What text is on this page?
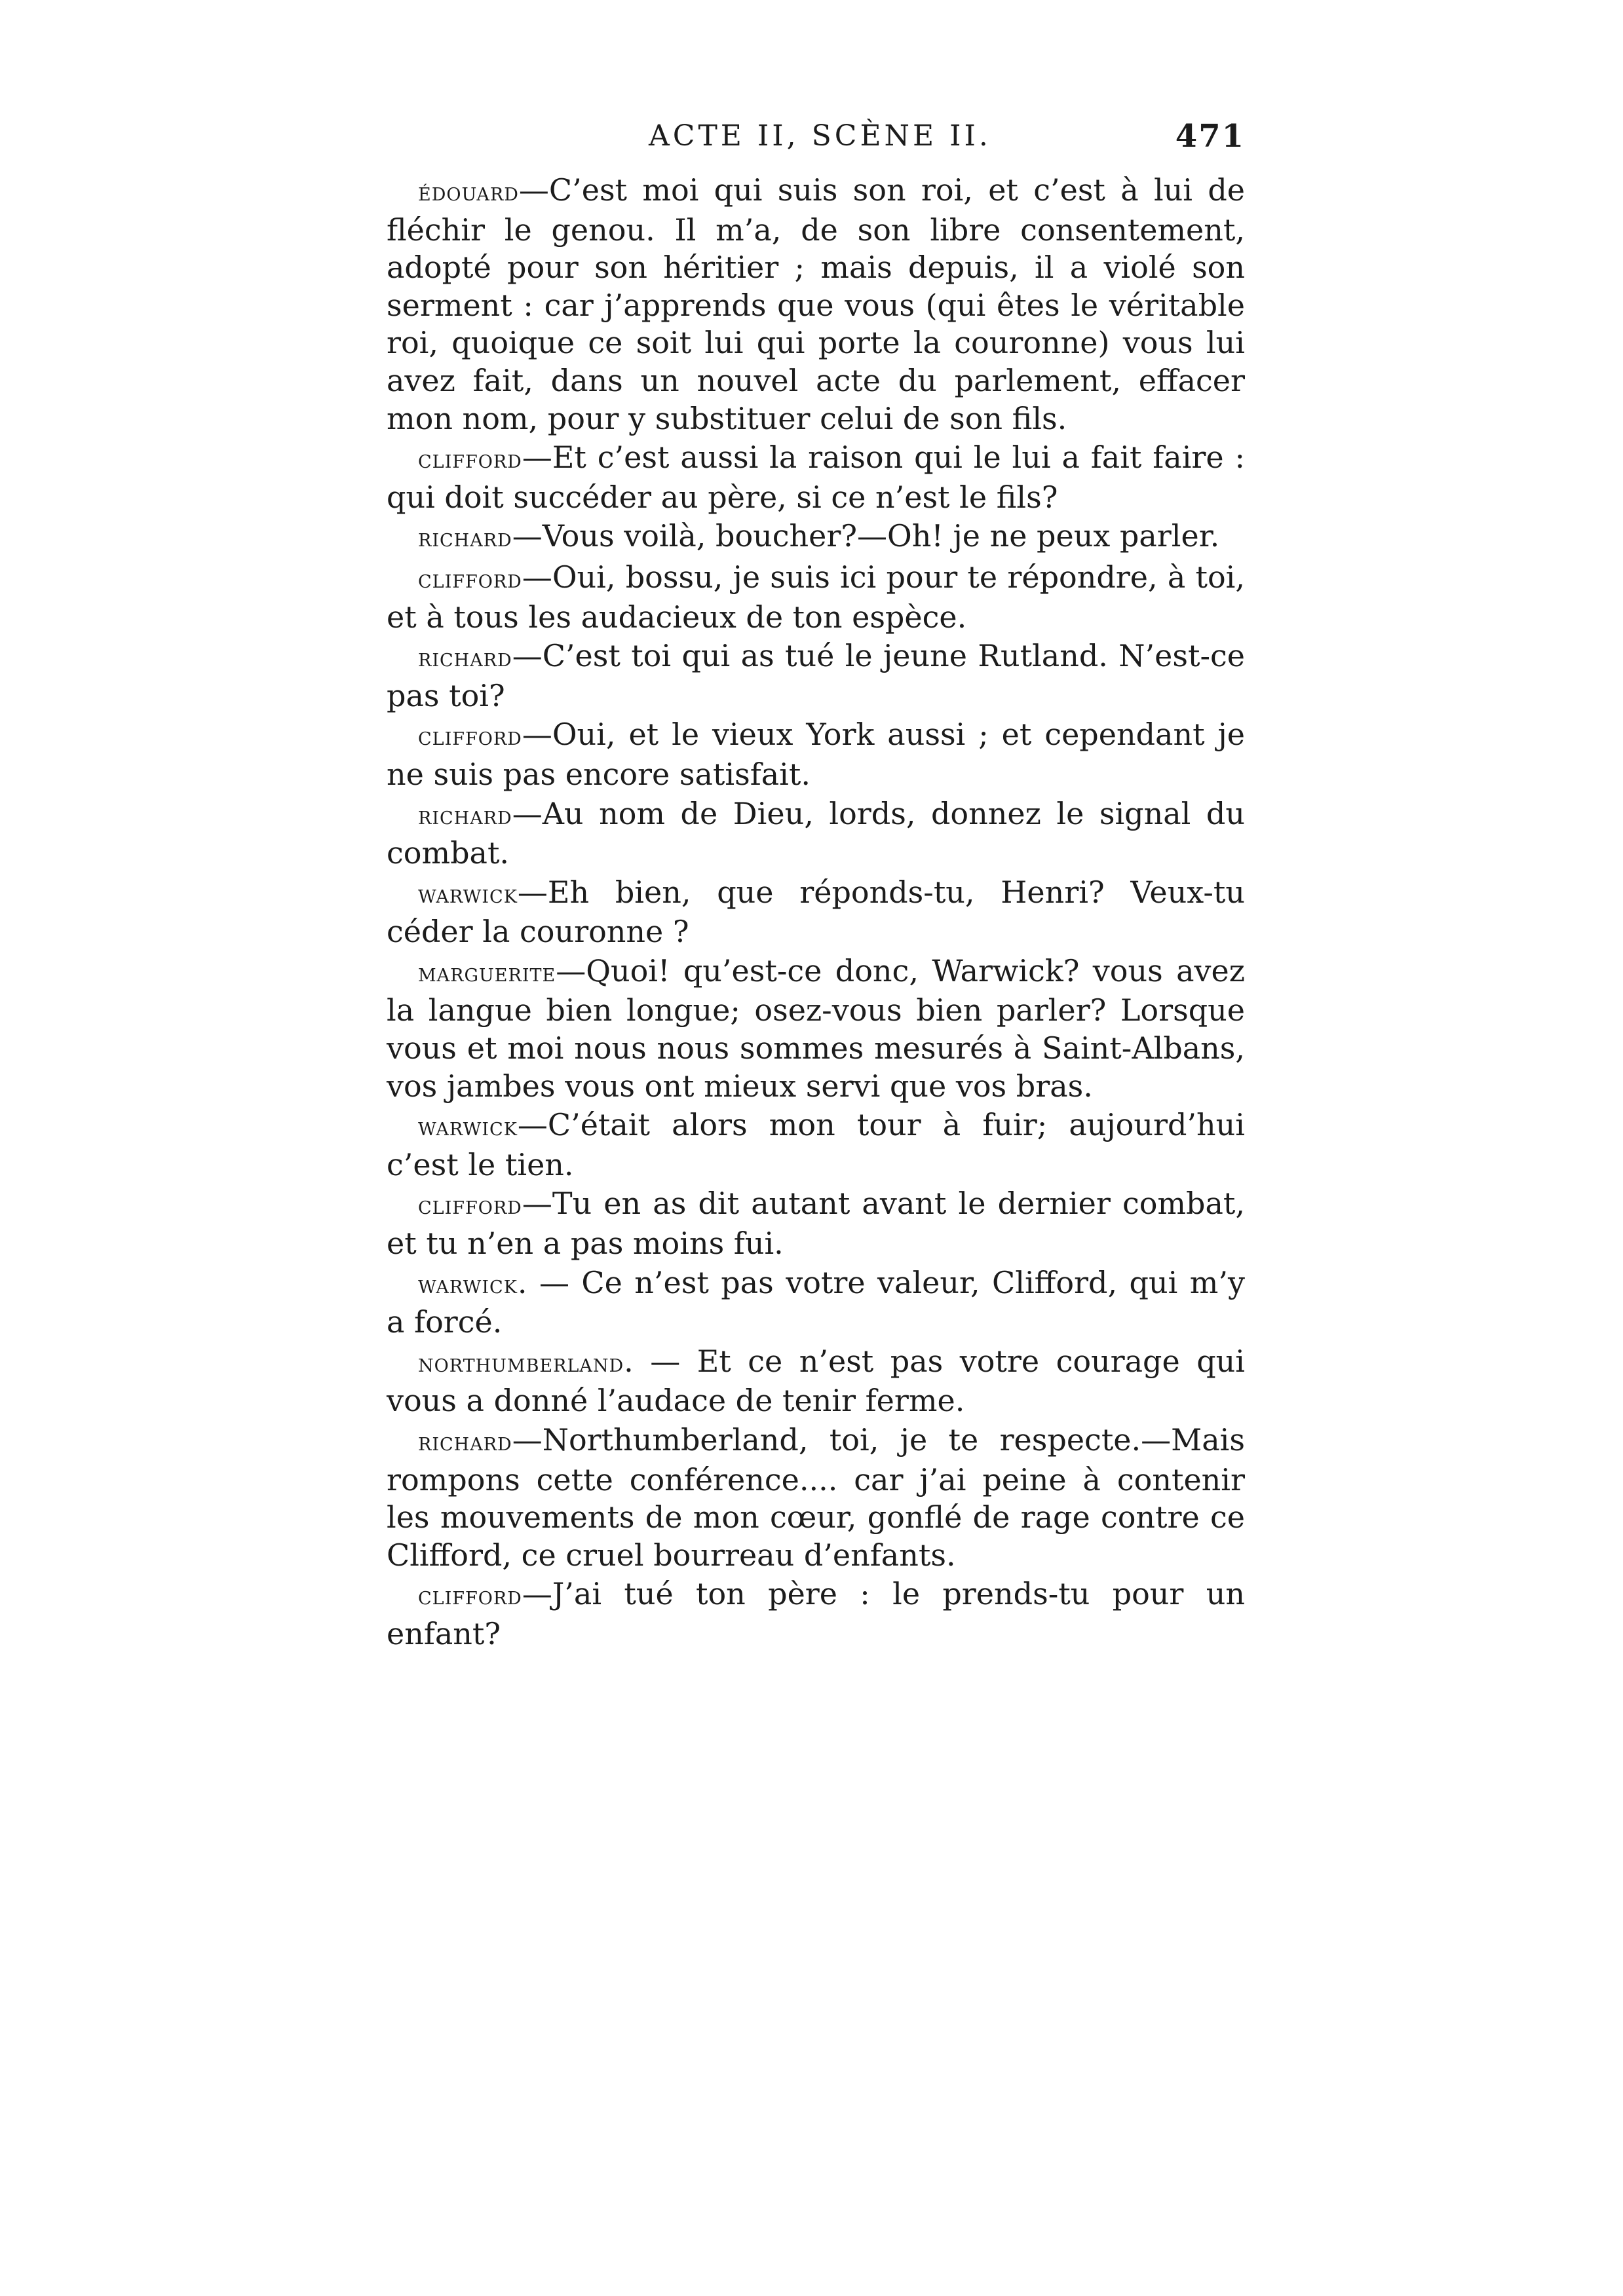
ACTE II, SCÈNE II.	471

édouard—C’est moi qui suis son roi, et c’est à lui de fléchir le genou. Il m’a, de son libre consentement, adopté pour son héritier ; mais depuis, il a violé son serment : car j’apprends que vous (qui êtes le véritable roi, quoique ce soit lui qui porte la couronne) vous lui avez fait, dans un nouvel acte du parlement, effacer mon nom, pour y substituer celui de son fils.

clifford—Et c’est aussi la raison qui le lui a fait faire : qui doit succéder au père, si ce n’est le fils?

richard—Vous voilà, boucher?—Oh! je ne peux parler.

clifford—Oui, bossu, je suis ici pour te répondre, à toi, et à tous les audacieux de ton espèce.

richard—C’est toi qui as tué le jeune Rutland. N’est-ce pas toi?

clifford—Oui, et le vieux York aussi ; et cependant je ne suis pas encore satisfait.

richard—Au nom de Dieu, lords, donnez le signal du combat.

warwick—Eh bien, que réponds-tu, Henri? Veux-tu céder la couronne ?

marguerite—Quoi! qu’est-ce donc, Warwick? vous avez la langue bien longue; osez-vous bien parler? Lorsque vous et moi nous nous sommes mesurés à Saint-Albans, vos jambes vous ont mieux servi que vos bras.

warwick—C’était alors mon tour à fuir; aujourd’hui c’est le tien.

clifford—Tu en as dit autant avant le dernier combat, et tu n’en a pas moins fui.

warwick. — Ce n’est pas votre valeur, Clifford, qui m’y a forcé.

northumberland. — Et ce n’est pas votre courage qui vous a donné l’audace de tenir ferme.

richard—Northumberland, toi, je te respecte.—Mais rompons cette conférence.... car j’ai peine à contenir les mouvements de mon cœur, gonflé de rage contre ce Clifford, ce cruel bourreau d’enfants.

clifford—J’ai tué ton père : le prends-tu pour un enfant?
